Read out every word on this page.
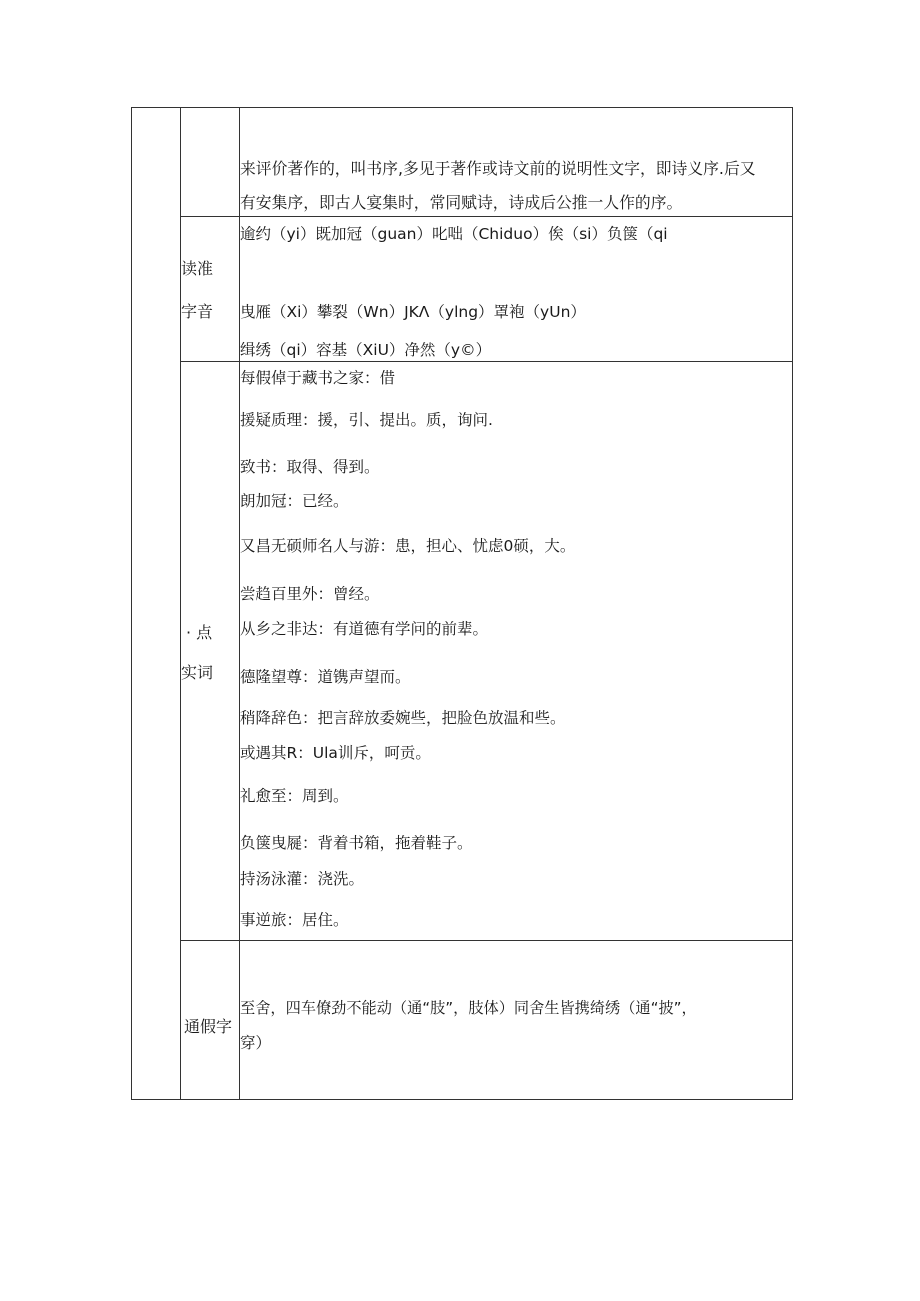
来评价著作的，叫书序,多见于著作或诗文前的说明性文字，即诗义序.后又
有安集序，即古人宴集时，常同赋诗，诗成后公推一人作的序。
读准
字音
逾约（yi）既加冠（guan）叱咄（Chiduo）俟（si）负箧（qi
曳雁（Xi）攀裂（Wn）JKΛ（ylng）罩袍（yUn）
缉绣（qi）容基（XiU）净然（y©）
· 点
实词
每假倬于藏书之家：借
援疑质理：援，引、提出。质，询问.
致书：取得、得到。
朗加冠：已经。
又昌无硕师名人与游：患，担心、忧虑0硕，大。
尝趋百里外：曾经。
从乡之非达：有道德有学问的前辈。
德隆望尊：道镌声望而。
稍降辞色：把言辞放委婉些，把脸色放温和些。
或遇其R：Ula训斥，呵贡。
礼愈至：周到。
负箧曳屣：背着书箱，拖着鞋子。
持汤泳灌：浇洗。
事逆旅：居住。
通假字
至舍，四车僚劲不能动（通“肢”，肢体）同舍生皆携绮绣（通“披”，
穿）
